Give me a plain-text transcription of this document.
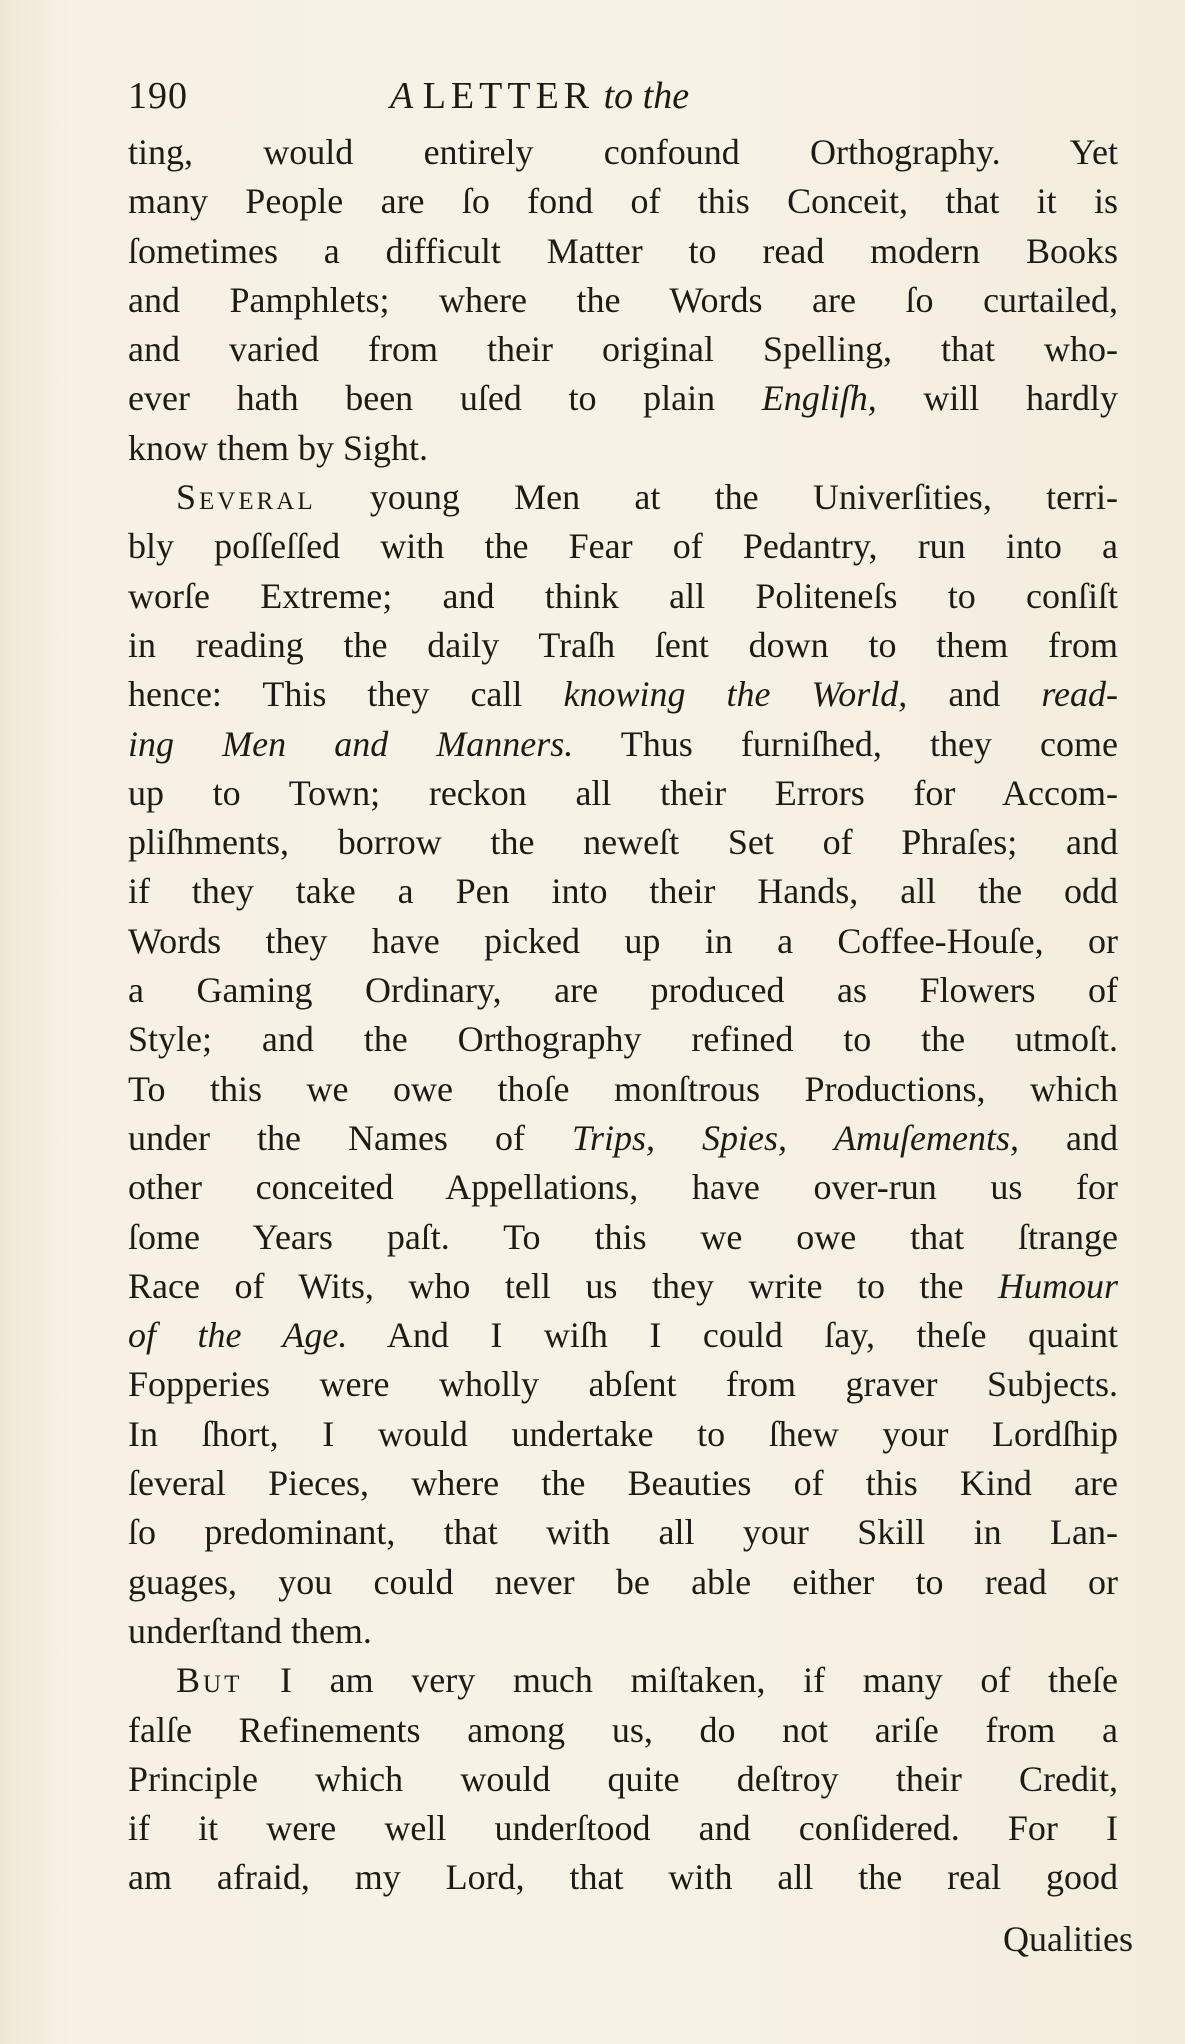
190	A LETTER to the
ting, would entirely confound Orthography. Yet
many People are ſo fond of this Conceit, that it is
ſometimes a difficult Matter to read modern Books
and Pamphlets; where the Words are ſo curtailed,
and varied from their original Spelling, that who-
ever hath been uſed to plain Engliſh, will hardly
know them by Sight.
Several young Men at the Univerſities, terri-
bly poſſeſſed with the Fear of Pedantry, run into a
worſe Extreme; and think all Politeneſs to conſiſt
in reading the daily Traſh ſent down to them from
hence: This they call knowing the World, and read-
ing Men and Manners. Thus furniſhed, they come
up to Town; reckon all their Errors for Accom-
pliſhments, borrow the neweſt Set of Phraſes; and
if they take a Pen into their Hands, all the odd
Words they have picked up in a Coffee-Houſe, or
a Gaming Ordinary, are produced as Flowers of
Style; and the Orthography refined to the utmoſt.
To this we owe thoſe monſtrous Productions, which
under the Names of Trips, Spies, Amuſements, and
other conceited Appellations, have over-run us for
ſome Years paſt. To this we owe that ſtrange
Race of Wits, who tell us they write to the Humour
of the Age. And I wiſh I could ſay, theſe quaint
Fopperies were wholly abſent from graver Subjects.
In ſhort, I would undertake to ſhew your Lordſhip
ſeveral Pieces, where the Beauties of this Kind are
ſo predominant, that with all your Skill in Lan-
guages, you could never be able either to read or
underſtand them.
But I am very much miſtaken, if many of theſe
falſe Refinements among us, do not ariſe from a
Principle which would quite deſtroy their Credit,
if it were well underſtood and conſidered. For I
am afraid, my Lord, that with all the real good
Qualities
